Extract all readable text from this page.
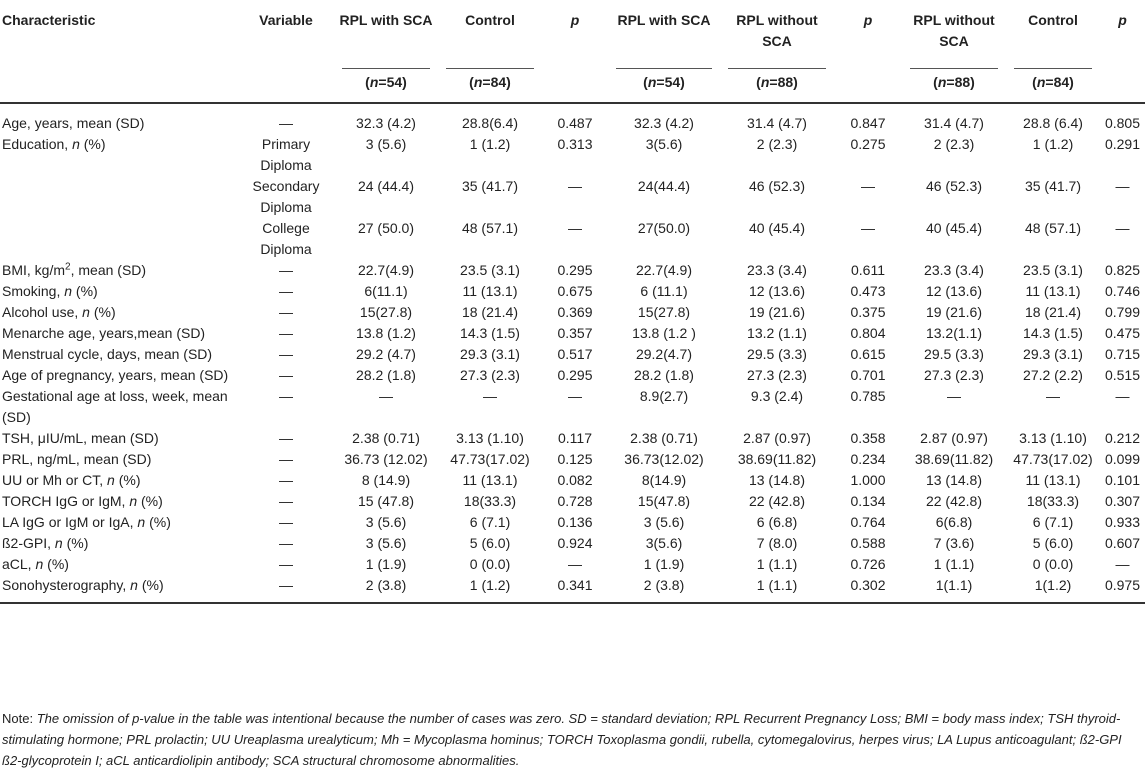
Characteristic	Variable	RPL with SCA	Control	p	RPL with SCA	RPL without SCA	p	RPL without SCA	Control	p
		(n=54)	(n=84)		(n=54)	(n=88)		(n=88)	(n=84)	
Age, years, mean (SD)	—	32.3 (4.2)	28.8(6.4)	0.487	32.3 (4.2)	31.4 (4.7)	0.847	31.4 (4.7)	28.8 (6.4)	0.805
Education, n (%)	Primary Diploma	3 (5.6)	1 (1.2)	0.313	3(5.6)	2 (2.3)	0.275	2 (2.3)	1 (1.2)	0.291
	Secondary Diploma	24 (44.4)	35 (41.7)	—	24(44.4)	46 (52.3)	—	46 (52.3)	35 (41.7)	—
	College Diploma	27 (50.0)	48 (57.1)	—	27(50.0)	40 (45.4)	—	40 (45.4)	48 (57.1)	—
BMI, $kg/m^2$, mean (SD)	—	22.7(4.9)	23.5 (3.1)	0.295	22.7(4.9)	23.3 (3.4)	0.611	23.3 (3.4)	23.5 (3.1)	0.825
Smoking, n (%)	—	6(11.1)	11 (13.1)	0.675	6 (11.1)	12 (13.6)	0.473	12 (13.6)	11 (13.1)	0.746
Alcohol use, n (%)	—	15(27.8)	18 (21.4)	0.369	15(27.8)	19 (21.6)	0.375	19 (21.6)	18 (21.4)	0.799
Menarche age, years,mean (SD)	—	13.8 (1.2)	14.3 (1.5)	0.357	13.8 (1.2 )	13.2 (1.1)	0.804	13.2(1.1)	14.3 (1.5)	0.475
Menstrual cycle, days, mean (SD)	—	29.2 (4.7)	29.3 (3.1)	0.517	29.2(4.7)	29.5 (3.3)	0.615	29.5 (3.3)	29.3 (3.1)	0.715
Age of pregnancy, years, mean (SD)	—	28.2 (1.8)	27.3 (2.3)	0.295	28.2 (1.8)	27.3 (2.3)	0.701	27.3 (2.3)	27.2 (2.2)	0.515
Gestational age at loss, week, mean (SD)	—	—	—	—	8.9(2.7)	9.3 (2.4)	0.785	—	—	—
TSH, μIU/mL, mean (SD)	—	2.38 (0.71)	3.13 (1.10)	0.117	2.38 (0.71)	2.87 (0.97)	0.358	2.87 (0.97)	3.13 (1.10)	0.212
PRL, ng/mL, mean (SD)	—	36.73 (12.02)	47.73(17.02)	0.125	36.73(12.02)	38.69(11.82)	0.234	38.69(11.82)	47.73(17.02)	0.099
UU or Mh or CT, n (%)	—	8 (14.9)	11 (13.1)	0.082	8(14.9)	13 (14.8)	1.000	13 (14.8)	11 (13.1)	0.101
TORCH IgG or IgM, n (%)	—	15 (47.8)	18(33.3)	0.728	15(47.8)	22 (42.8)	0.134	22 (42.8)	18(33.3)	0.307
LA IgG or IgM or IgA, n (%)	—	3 (5.6)	6 (7.1)	0.136	3 (5.6)	6 (6.8)	0.764	6(6.8)	6 (7.1)	0.933
ß2-GPI, n (%)	—	3 (5.6)	5 (6.0)	0.924	3(5.6)	7 (8.0)	0.588	7 (3.6)	5 (6.0)	0.607
aCL, n (%)	—	1 (1.9)	0 (0.0)	—	1 (1.9)	1 (1.1)	0.726	1 (1.1)	0 (0.0)	—
Sonohysterography, n (%)	—	2 (3.8)	1 (1.2)	0.341	2 (3.8)	1 (1.1)	0.302	1(1.1)	1(1.2)	0.975
Note: The omission of p-value in the table was intentional because the number of cases was zero. SD = standard deviation; RPL Recurrent Pregnancy Loss; BMI = body mass index; TSH thyroid-stimulating hormone; PRL prolactin; UU Ureaplasma urealyticum; Mh = Mycoplasma hominus; TORCH Toxoplasma gondii, rubella, cytomegalovirus, herpes virus; LA Lupus anticoagulant; ß2-GPI ß2-glycoprotein I; aCL anticardiolipin antibody; SCA structural chromosome abnormalities.
